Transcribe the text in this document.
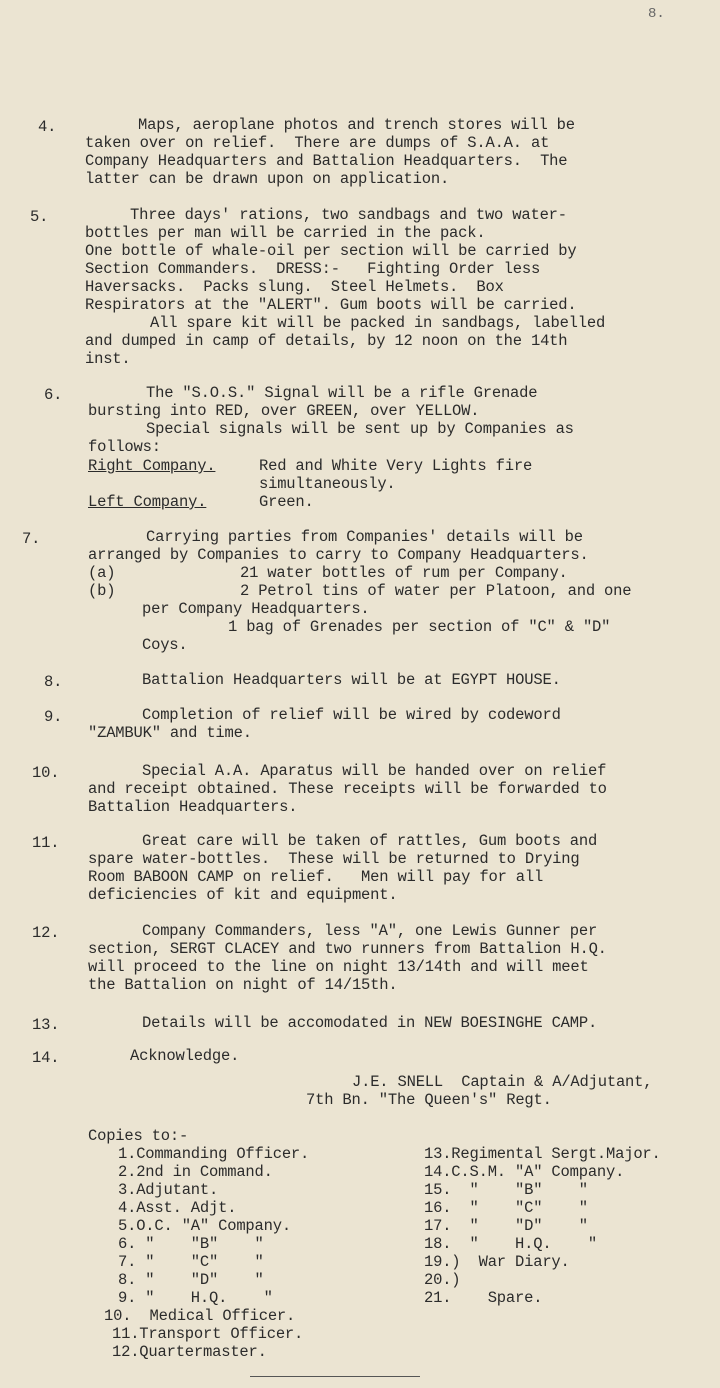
8.
4.	Maps, aeroplane photos and trench stores will be
taken over on relief.  There are dumps of S.A.A. at
Company Headquarters and Battalion Headquarters.  The
latter can be drawn upon on application.
5.	Three days' rations, two sandbags and two water-
bottles per man will be carried in the pack.
One bottle of whale-oil per section will be carried by
Section Commanders.  DRESS:-   Fighting Order less
Haversacks.  Packs slung.  Steel Helmets.  Box
Respirators at the "ALERT". Gum boots will be carried.
All spare kit will be packed in sandbags, labelled
and dumped in camp of details, by 12 noon on the 14th
inst.
6.	The "S.O.S." Signal will be a rifle Grenade
bursting into RED, over GREEN, over YELLOW.
Special signals will be sent up by Companies as
follows:
Right Company.	Red and White Very Lights fire
simultaneously.
Left Company.	Green.
7.	Carrying parties from Companies' details will be
arranged by Companies to carry to Company Headquarters.
(a)	21 water bottles of rum per Company.
(b)	2 Petrol tins of water per Platoon, and one
per Company Headquarters.
1 bag of Grenades per section of "C" & "D"
Coys.
8.	Battalion Headquarters will be at EGYPT HOUSE.
9.	Completion of relief will be wired by codeword
"ZAMBUK" and time.
10.	Special A.A. Aparatus will be handed over on relief
and receipt obtained. These receipts will be forwarded to
Battalion Headquarters.
11.	Great care will be taken of rattles, Gum boots and
spare water-bottles.  These will be returned to Drying
Room BABOON CAMP on relief.   Men will pay for all
deficiencies of kit and equipment.
12.	Company Commanders, less "A", one Lewis Gunner per
section, SERGT CLACEY and two runners from Battalion H.Q.
will proceed to the line on night 13/14th and will meet
the Battalion on night of 14/15th.
13.	Details will be accomodated in NEW BOESINGHE CAMP.
14.	Acknowledge.
J.E. SNELL  Captain & A/Adjutant,
7th Bn. "The Queen's" Regt.
Copies to:-
1.Commanding Officer.
2.2nd in Command.
3.Adjutant.
4.Asst. Adjt.
5.O.C. "A" Company.
6. "    "B"    "
7. "    "C"    "
8. "    "D"    "
9. "    H.Q.    "
10.  Medical Officer.
11.Transport Officer.
12.Quartermaster.
13.Regimental Sergt.Major.
14.C.S.M. "A" Company.
15.  "    "B"    "
16.  "    "C"    "
17.  "    "D"    "
18.  "    H.Q.    "
19.)  War Diary.
20.)
21.    Spare.
